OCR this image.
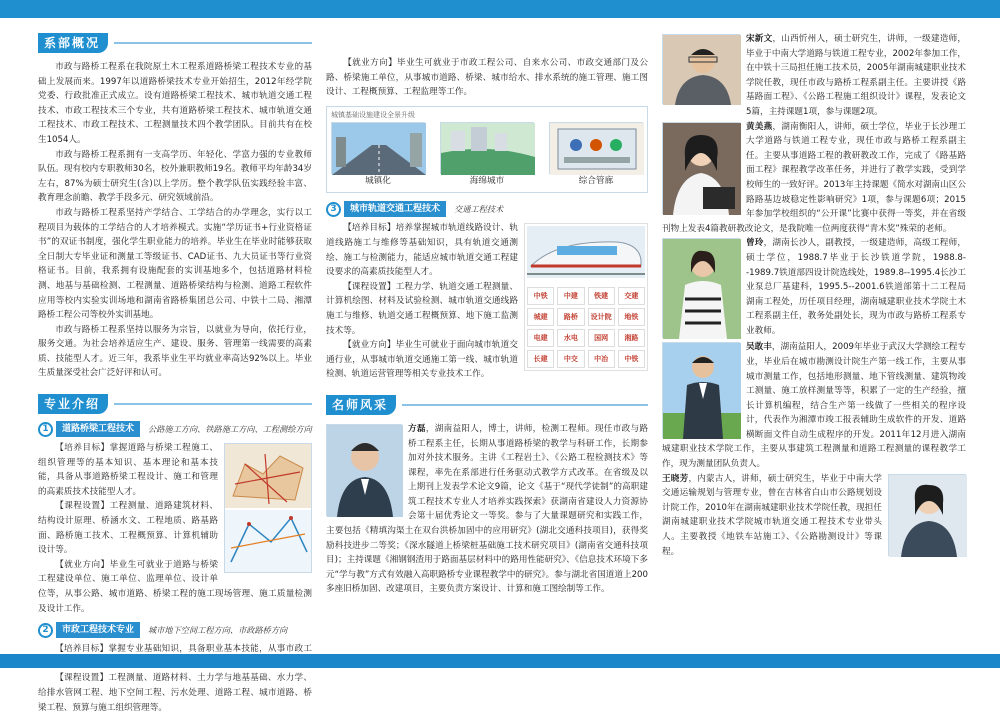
系部概况

市政与路桥工程系在我院原土木工程系道路桥梁工程技术专业的基础上发展而来。1997年以道路桥梁技术专业开始招生，2012年经学院党委、行政批准正式成立。设有道路桥梁工程技术、城市轨道交通工程技术、市政工程技术三个专业，共有道路桥梁工程技术、城市轨道交通工程技术、市政工程技术、工程测量技术四个教学团队。目前共有在校生1054人。

市政与路桥工程系拥有一支高学历、年轻化、学富力强的专业教师队伍。现有校内专职教师30名，校外兼职教师19名。教师平均年龄34岁左右，87%为硕士研究生(含)以上学历。整个教学队伍实践经验丰富、教育理念前瞻、教学手段多元、研究领域前沿。

市政与路桥工程系坚持产学结合、工学结合的办学理念，实行以工程项目为载体的工学结合的人才培养模式。实施“学历证书+行业资格证书”的双证书制度，强化学生职业能力的培养。毕业生在毕业时能够获取全日制大专毕业证和测量工等级证书、CAD证书、九大员证书等行业资格证书。目前，我系拥有设施配套的实训基地多个，包括道路材料检测、地基与基础检测、工程测量、道路桥梁结构与检测、道路工程软件应用等校内实验实训场地和湖南省路桥集团总公司、中铁十二局、湘潭路桥工程公司等校外实训基地。

市政与路桥工程系坚持以服务为宗旨，以就业为导向，依托行业，服务交通。为社会培养适应生产、建设、服务、管理第一线需要的高素质、技能型人才。近三年，我系毕业生平均就业率高达92%以上。毕业生质量深受社会广泛好评和认可。

专业介绍
1	道路桥梁工程技术	公路施工方向、铁路施工方向、工程测绘方向

【培养目标】掌握道路与桥梁工程施工、组织管理等的基本知识、基本理论和基本技能，具备从事道路桥梁工程设计、施工和管理的高素质技术技能型人才。

【课程设置】工程测量、道路建筑材料、结构设计原理、桥涵水文、工程地质、路基路面、路桥施工技术、工程概预算、计算机辅助设计等。

【就业方向】毕业生可就业于道路与桥梁工程建设单位、施工单位、监理单位、设计单位等，从事公路、城市道路、桥梁工程的施工现场管理、施工质量检测及设计工作。

2	市政工程技术专业	城市地下空间工程方向、市政路桥方向

【培养目标】掌握专业基础知识，具备职业基本技能，从事市政工

【课程设置】工程测量、道路材料、土力学与地基基础、水力学、给排水管网工程、地下空间工程、污水处理、道路工程、城市道路、桥梁工程、预算与施工组织管理等。

【就业方向】毕业生可就业于市政工程公司、自来水公司、市政交通部门及公路、桥梁施工单位，从事城市道路、桥梁、城市给水、排水系统的施工管理、施工图设计、工程概预算、工程监理等工作。

城镇基础设施建设全景升级
城镇化	海绵城市	综合管廊
3	城市轨道交通工程技术	交通工程技术
中铁	中建	铁建	交建
城建	路桥	设计院	地铁
电建	水电	国网	湘路
长建	中交	中冶	中铁

【培养目标】培养掌握城市轨道线路设计、轨道线路施工与维修等基础知识，具有轨道交通测绘、施工与检测能力，能适应城市轨道交通工程建设要求的高素质技能型人才。

【课程设置】工程力学、轨道交通工程测量、计算机绘图、材料及试验检测、城市轨道交通线路施工与维修、轨道交通工程概预算、地下施工监测技术等。

【就业方向】毕业生可就业于面向城市轨道交通行业，从事城市轨道交通施工第一线、城市轨道检测、轨道运营管理等相关专业技术工作。

名师风采

方磊，湖南益阳人，博士，讲师，检测工程师。现任市政与路桥工程系主任，长期从事道路桥梁的教学与科研工作，长期参加对外技术服务。主讲《工程岩土》、《公路工程检测技术》等课程，率先在系部进行任务驱动式教学方式改革。在省级及以上期刊上发表学术论文9篇，论文《基于“现代学徒制”的高职建筑工程技术专业人才培养实践探索》获湖南省建设人力资源协会第十届优秀论文一等奖。参与了大量课题研究和实践工作，主要包括《精填沟渠土在双台洪桥加固中的应用研究》(湖北交通科技项目)，获得奖励科技进步二等奖；《深水隧道上桥梁桩基础施工技术研究项目》(湖南省交通科技项目)；主持课题《湘钢钢渣用于路面基层材料中的路用性能研究》、《信息技术环境下多元“学与教”方式有效融入高职路桥专业课程教学中的研究》。参与湖北省国道道上200多座旧桥加固、改建项目，主要负责方案设计、计算和施工图绘制等工作。

宋新文，山西忻州人，硕士研究生，讲师，一级建造师，毕业于中南大学道路与铁道工程专业，2002年参加工作，在中铁十三局担任施工技术员，2005年湖南城建职业技术学院任教，现任市政与路桥工程系副主任。主要讲授《路基路面工程》、《公路工程施工组织设计》课程，发表论文5篇，主持课题1项，参与课题2项。

黄美燕，湖南衡阳人，讲师，硕士学位，毕业于长沙理工大学道路与铁道工程专业，现任市政与路桥工程系副主任。主要从事道路工程的教研教改工作，完成了《路基路面工程》课程教学改革任务，并进行了教学实践，受到学校师生的一致好评。2013年主持课题《简水对湖南山区公路路基边坡稳定性影响研究》1项，参与课题6项；2015年参加学校组织的“公开课”比赛中获得一等奖，并在省级刊物上发表4篇教研教改论文，是我院唯一位两度获得“青木奖”殊荣的老师。

曾玲，湖南长沙人，副教授，一级建造师，高级工程师，硕士学位，1988.7毕业于长沙铁道学院，1988.8--1989.7铁道部四设计院选线处，1989.8--1995.4长沙工业泵总厂基建科，1995.5--2001.6铁道部第十二工程局湖南工程处，历任项目经理，湖南城建职业技术学院土木工程系副主任，教务处副处长，现为市政与路桥工程系专业教师。

吴敢丰，湖南益阳人，2009年毕业于武汉大学测绘工程专业，毕业后在城市勘测设计院生产第一线工作，主要从事城市测量工作，包括地形测量、地下管线测量、建筑物竣工测量、施工放样测量等等，积累了一定的生产经验，擅长计算机编程，结合生产第一线做了一些相关的程序设计，代表作为湘潭市竣工报表辅助生成软件的开发、道路横断面文件自动生成程序的开发。2011年12月进入湖南城建职业技术学院工作，主要从事建筑工程测量和道路工程测量的课程教学工作，现为测量团队负责人。

王晓芳，内蒙古人，讲师，硕士研究生，毕业于中南大学交通运输规划与管理专业，曾在吉林省白山市公路规划设计院工作，2010年在湖南城建职业技术学院任教，现担任湖南城建职业技术学院城市轨道交通工程技术专业带头人。主要教授《地铁车站施工》、《公路勘测设计》等课程。
